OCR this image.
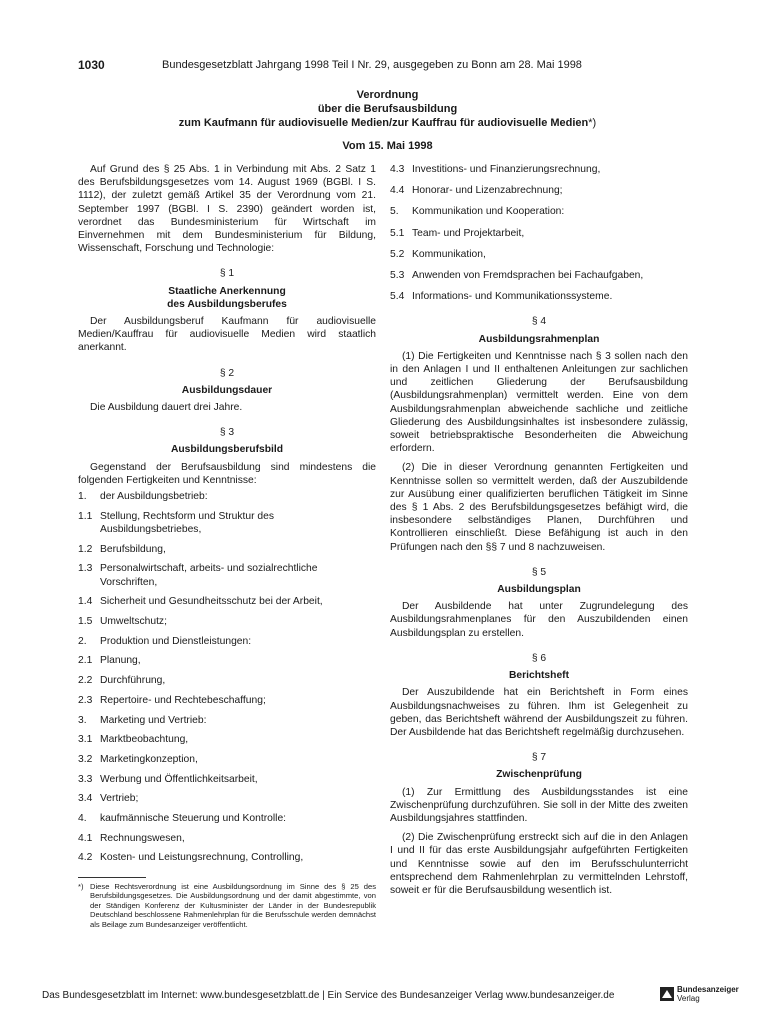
1030	Bundesgesetzblatt Jahrgang 1998 Teil I Nr. 29, ausgegeben zu Bonn am 28. Mai 1998
Verordnung
über die Berufsausbildung
zum Kaufmann für audiovisuelle Medien/zur Kauffrau für audiovisuelle Medien*)
Vom 15. Mai 1998

Auf Grund des § 25 Abs. 1 in Verbindung mit Abs. 2 Satz 1 des Berufsbildungsgesetzes vom 14. August 1969 (BGBl. I S. 1112), der zuletzt gemäß Artikel 35 der Verordnung vom 21. September 1997 (BGBl. I S. 2390) geändert worden ist, verordnet das Bundesministerium für Wirtschaft im Einvernehmen mit dem Bundesministerium für Bildung, Wissenschaft, Forschung und Technologie:

§ 1
Staatliche Anerkennung
des Ausbildungsberufes

Der Ausbildungsberuf Kaufmann für audiovisuelle Medien/Kauffrau für audiovisuelle Medien wird staatlich anerkannt.

§ 2
Ausbildungsdauer

Die Ausbildung dauert drei Jahre.

§ 3
Ausbildungsberufsbild

Gegenstand der Berufsausbildung sind mindestens die folgenden Fertigkeiten und Kenntnisse:

1.	der Ausbildungsbetrieb:
1.1 Stellung, Rechtsform und Struktur des Ausbildungsbetriebes,
1.2 Berufsbildung,
1.3 Personalwirtschaft, arbeits- und sozialrechtliche Vorschriften,
1.4 Sicherheit und Gesundheitsschutz bei der Arbeit,
1.5 Umweltschutz;
2.	Produktion und Dienstleistungen:
2.1 Planung,
2.2 Durchführung,
2.3 Repertoire- und Rechtebeschaffung;
3.	Marketing und Vertrieb:
3.1 Marktbeobachtung,
3.2 Marketingkonzeption,
3.3 Werbung und Öffentlichkeitsarbeit,
3.4 Vertrieb;
4.	kaufmännische Steuerung und Kontrolle:
4.1 Rechnungswesen,
4.2 Kosten- und Leistungsrechnung, Controlling,
*) Diese Rechtsverordnung ist eine Ausbildungsordnung im Sinne des § 25 des Berufsbildungsgesetzes. Die Ausbildungsordnung und der damit abgestimmte, von der Ständigen Konferenz der Kultusminister der Länder in der Bundesrepublik Deutschland beschlossene Rahmenlehrplan für die Berufsschule werden demnächst als Beilage zum Bundesanzeiger veröffentlicht.
4.3 Investitions- und Finanzierungsrechnung,
4.4 Honorar- und Lizenzabrechnung;
5.	Kommunikation und Kooperation:
5.1 Team- und Projektarbeit,
5.2 Kommunikation,
5.3 Anwenden von Fremdsprachen bei Fachaufgaben,
5.4 Informations- und Kommunikationssysteme.
§ 4
Ausbildungsrahmenplan

(1) Die Fertigkeiten und Kenntnisse nach § 3 sollen nach den in den Anlagen I und II enthaltenen Anleitungen zur sachlichen und zeitlichen Gliederung der Berufsausbildung (Ausbildungsrahmenplan) vermittelt werden. Eine von dem Ausbildungsrahmenplan abweichende sachliche und zeitliche Gliederung des Ausbildungsinhaltes ist insbesondere zulässig, soweit betriebspraktische Besonderheiten die Abweichung erfordern.

(2) Die in dieser Verordnung genannten Fertigkeiten und Kenntnisse sollen so vermittelt werden, daß der Auszubildende zur Ausübung einer qualifizierten beruflichen Tätigkeit im Sinne des § 1 Abs. 2 des Berufsbildungsgesetzes befähigt wird, die insbesondere selbständiges Planen, Durchführen und Kontrollieren einschließt. Diese Befähigung ist auch in den Prüfungen nach den §§ 7 und 8 nachzuweisen.

§ 5
Ausbildungsplan

Der Ausbildende hat unter Zugrundelegung des Ausbildungsrahmenplanes für den Auszubildenden einen Ausbildungsplan zu erstellen.

§ 6
Berichtsheft

Der Auszubildende hat ein Berichtsheft in Form eines Ausbildungsnachweises zu führen. Ihm ist Gelegenheit zu geben, das Berichtsheft während der Ausbildungszeit zu führen. Der Ausbildende hat das Berichtsheft regelmäßig durchzusehen.

§ 7
Zwischenprüfung

(1) Zur Ermittlung des Ausbildungsstandes ist eine Zwischenprüfung durchzuführen. Sie soll in der Mitte des zweiten Ausbildungsjahres stattfinden.

(2) Die Zwischenprüfung erstreckt sich auf die in den Anlagen I und II für das erste Ausbildungsjahr aufgeführten Fertigkeiten und Kenntnisse sowie auf den im Berufsschulunterricht entsprechend dem Rahmenlehrplan zu vermittelnden Lehrstoff, soweit er für die Berufsausbildung wesentlich ist.

Das Bundesgesetzblatt im Internet: www.bundesgesetzblatt.de | Ein Service des Bundesanzeiger Verlag www.bundesanzeiger.de
Bundesanzeiger
Verlag
